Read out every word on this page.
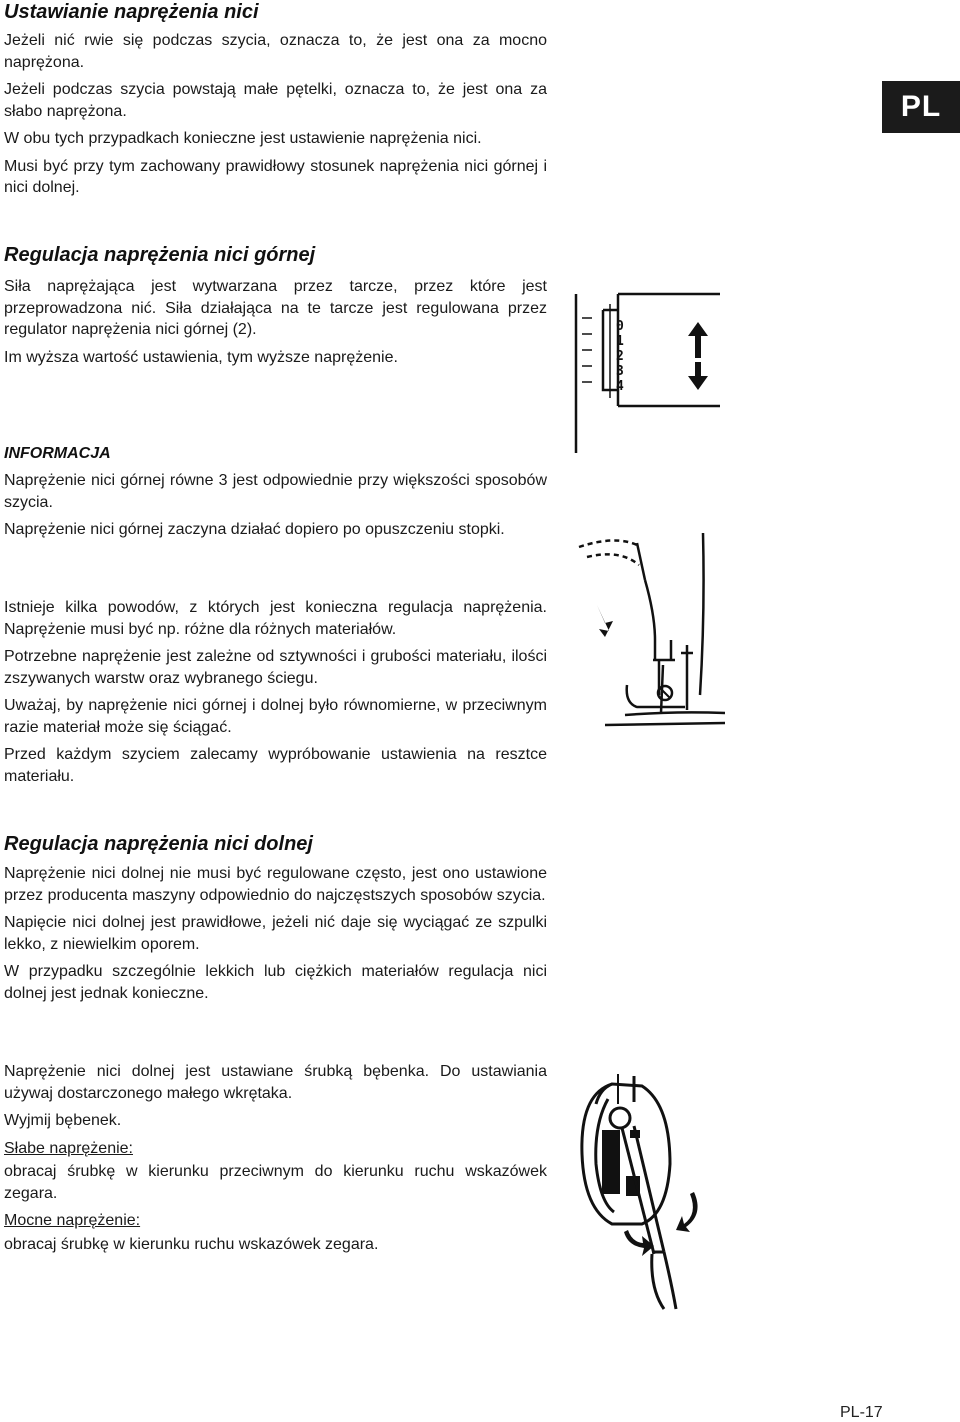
Ustawianie naprężenia nici

Jeżeli nić rwie się podczas szycia, oznacza to, że jest ona za mocno naprężona.

Jeżeli podczas szycia powstają małe pętelki, oznacza to, że jest ona za słabo naprężona.

W obu tych przypadkach konieczne jest ustawienie naprężenia nici.

Musi być przy tym zachowany prawidłowy stosunek naprężenia nici górnej i nici dolnej.

Regulacja naprężenia nici górnej

Siła naprężająca jest wytwarzana przez tarcze, przez które jest przeprowadzona nić. Siła działająca na te tarcze jest regulowana przez regulator naprężenia nici górnej (2).

Im wyższa wartość ustawienia, tym wyższe naprężenie.

INFORMACJA

Naprężenie nici górnej równe 3 jest odpowiednie przy większości sposobów szycia.

Naprężenie nici górnej zaczyna działać dopiero po opuszczeniu stopki.

Istnieje kilka powodów, z których jest konieczna regulacja naprężenia. Naprężenie musi być np. różne dla różnych materiałów.

Potrzebne naprężenie jest zależne od sztywności i grubości materiału, ilości zszywanych warstw oraz wybranego ściegu.

Uważaj, by naprężenie nici górnej i dolnej było równomierne, w przeciwnym razie materiał może się ściągać.

Przed każdym szyciem zalecamy wypróbowanie ustawienia na resztce materiału.

Regulacja naprężenia nici dolnej

Naprężenie nici dolnej nie musi być regulowane często, jest ono ustawione przez producenta maszyny odpowiednio do najczęstszych sposobów szycia.

Napięcie nici dolnej jest prawidłowe, jeżeli nić daje się wyciągać ze szpulki lekko, z niewielkim oporem.

W przypadku szczególnie lekkich lub ciężkich materiałów regulacja nici dolnej jest jednak konieczne.

Naprężenie nici dolnej jest ustawiane śrubką bębenka. Do ustawiania używaj dostarczonego małego wkrętaka.

Wyjmij bębenek.

Słabe naprężenie:

obracaj śrubkę w kierunku przeciwnym do kierunku ruchu wskazówek zegara.

Mocne naprężenie:

obracaj śrubkę w kierunku ruchu wskazówek zegara.

PL
0
1
2
3
4
PL-17
